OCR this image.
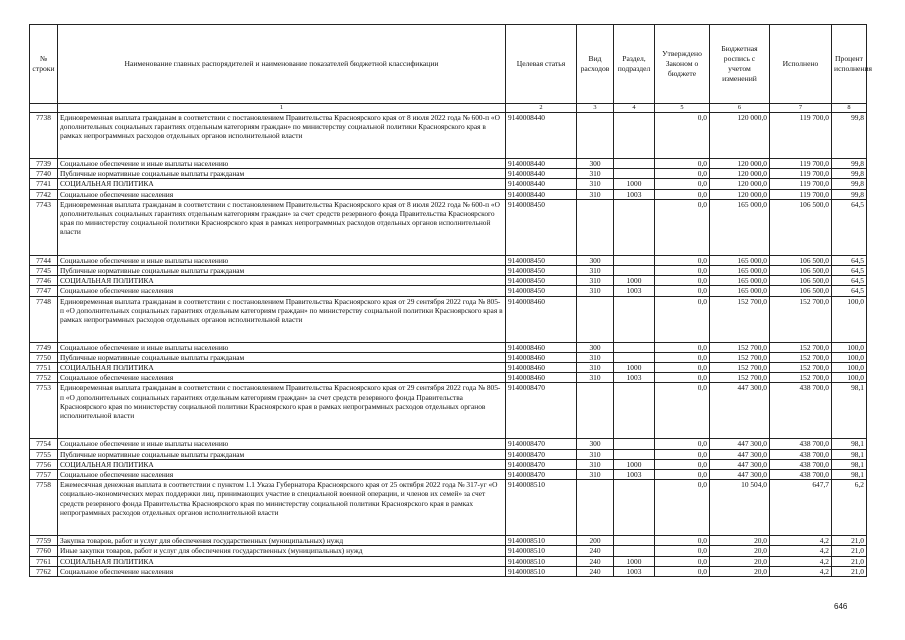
№ строки	Наименование главных распорядителей и наименование показателей бюджетной классификации	Целевая статья	Вид расходов	Раздел, подраздел	Утверждено Законом о бюджете	Бюджетная роспись с учетом изменений	Исполнено	Процент исполнения
	1	2	3	4	5	6	7	8
7738	Единовременная выплата гражданам в соответствии с постановлением Правительства Красноярского края от 8 июля 2022 года № 600-п «О дополнительных социальных гарантиях отдельным категориям граждан» по министерству социальной политики Красноярского края в рамках непрограммных расходов отдельных органов исполнительной власти	9140008440			0,0	120 000,0	119 700,0	99,8
7739	Социальное обеспечение и иные выплаты населению	9140008440	300		0,0	120 000,0	119 700,0	99,8
7740	Публичные нормативные социальные выплаты гражданам	9140008440	310		0,0	120 000,0	119 700,0	99,8
7741	СОЦИАЛЬНАЯ ПОЛИТИКА	9140008440	310	1000	0,0	120 000,0	119 700,0	99,8
7742	Социальное обеспечение населения	9140008440	310	1003	0,0	120 000,0	119 700,0	99,8
7743	Единовременная выплата гражданам в соответствии с постановлением Правительства Красноярского края от 8 июля 2022 года № 600-п «О дополнительных социальных гарантиях отдельным категориям граждан» за счет средств резервного фонда Правительства Красноярского края по министерству социальной политики Красноярского края в рамках непрограммных расходов отдельных органов исполнительной власти	9140008450			0,0	165 000,0	106 500,0	64,5
7744	Социальное обеспечение и иные выплаты населению	9140008450	300		0,0	165 000,0	106 500,0	64,5
7745	Публичные нормативные социальные выплаты гражданам	9140008450	310		0,0	165 000,0	106 500,0	64,5
7746	СОЦИАЛЬНАЯ ПОЛИТИКА	9140008450	310	1000	0,0	165 000,0	106 500,0	64,5
7747	Социальное обеспечение населения	9140008450	310	1003	0,0	165 000,0	106 500,0	64,5
7748	Единовременная выплата гражданам в соответствии с постановлением Правительства Красноярского края от 29 сентября 2022 года № 805-п «О дополнительных социальных гарантиях отдельным категориям граждан» по министерству социальной политики Красноярского края в рамках непрограммных расходов отдельных органов исполнительной власти	9140008460			0,0	152 700,0	152 700,0	100,0
7749	Социальное обеспечение и иные выплаты населению	9140008460	300		0,0	152 700,0	152 700,0	100,0
7750	Публичные нормативные социальные выплаты гражданам	9140008460	310		0,0	152 700,0	152 700,0	100,0
7751	СОЦИАЛЬНАЯ ПОЛИТИКА	9140008460	310	1000	0,0	152 700,0	152 700,0	100,0
7752	Социальное обеспечение населения	9140008460	310	1003	0,0	152 700,0	152 700,0	100,0
7753	Единовременная выплата гражданам в соответствии с постановлением Правительства Красноярского края от 29 сентября 2022 года № 805-п «О дополнительных социальных гарантиях отдельным категориям граждан» за счет средств резервного фонда Правительства Красноярского края по министерству социальной политики Красноярского края в рамках непрограммных расходов отдельных органов исполнительной власти	9140008470			0,0	447 300,0	438 700,0	98,1
7754	Социальное обеспечение и иные выплаты населению	9140008470	300		0,0	447 300,0	438 700,0	98,1
7755	Публичные нормативные социальные выплаты гражданам	9140008470	310		0,0	447 300,0	438 700,0	98,1
7756	СОЦИАЛЬНАЯ ПОЛИТИКА	9140008470	310	1000	0,0	447 300,0	438 700,0	98,1
7757	Социальное обеспечение населения	9140008470	310	1003	0,0	447 300,0	438 700,0	98,1
7758	Ежемесячная денежная выплата в соответствии с пунктом 1.1 Указа Губернатора Красноярского края от 25 октября 2022 года № 317-уг «О социально-экономических мерах поддержки лиц, принимающих участие в специальной военной операции, и членов их семей» за счет средств резервного фонда Правительства Красноярского края по министерству социальной политики Красноярского края в рамках непрограммных расходов отдельных органов исполнительной власти	9140008510			0,0	10 504,0	647,7	6,2
7759	Закупка товаров, работ и услуг для обеспечения государственных (муниципальных) нужд	9140008510	200		0,0	20,0	4,2	21,0
7760	Иные закупки товаров, работ и услуг для обеспечения государственных (муниципальных) нужд	9140008510	240		0,0	20,0	4,2	21,0
7761	СОЦИАЛЬНАЯ ПОЛИТИКА	9140008510	240	1000	0,0	20,0	4,2	21,0
7762	Социальное обеспечение населения	9140008510	240	1003	0,0	20,0	4,2	21,0
646
